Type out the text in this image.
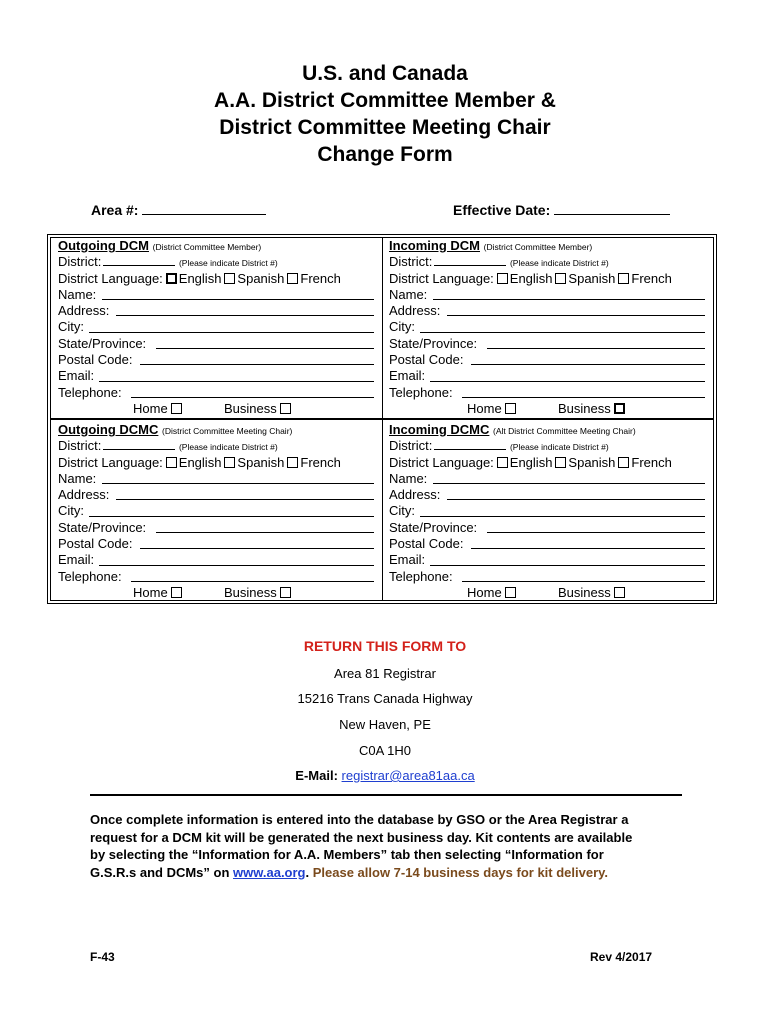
U.S. and Canada
A.A. District Committee Member &
District Committee Meeting Chair
Change Form
Area #:	Effective Date:
Outgoing DCM (District Committee Member)
District:	(Please indicate District #)
District Language: English Spanish French
Name:
Address:
City:
State/Province:
Postal Code:
Email:
Telephone:
Home	Business
Incoming DCM (District Committee Member)
District:	(Please indicate District #)
District Language: English Spanish French
Name:
Address:
City:
State/Province:
Postal Code:
Email:
Telephone:
Home	Business
Outgoing DCMC (District Committee Meeting Chair)
District:	(Please indicate District #)
District Language: English Spanish French
Name:
Address:
City:
State/Province:
Postal Code:
Email:
Telephone:
Home	Business
Incoming DCMC (Alt District Committee Meeting Chair)
District:	(Please indicate District #)
District Language: English Spanish French
Name:
Address:
City:
State/Province:
Postal Code:
Email:
Telephone:
Home	Business
RETURN THIS FORM TO
Area 81 Registrar
15216 Trans Canada Highway
New Haven, PE
C0A 1H0
E-Mail: registrar@area81aa.ca
Once complete information is entered into the database by GSO or the Area Registrar a
request for a DCM kit will be generated the next business day. Kit contents are available
by selecting the “Information for A.A. Members” tab then selecting “Information for
G.S.R.s and DCMs” on www.aa.org. Please allow 7-14 business days for kit delivery.
F-43	Rev 4/2017
